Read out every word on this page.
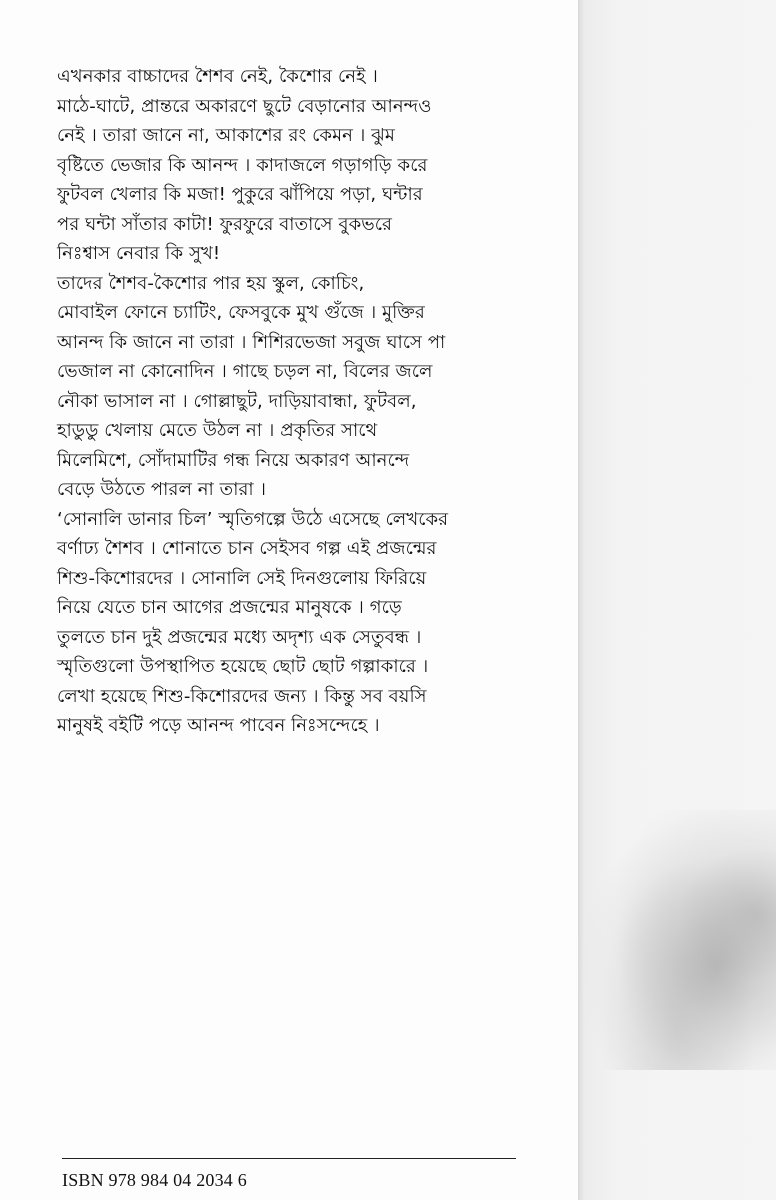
এখনকার বাচ্চাদের শৈশব নেই, কৈশোর নেই ।
মাঠে-ঘাটে, প্রান্তরে অকারণে ছুটে বেড়ানোর আনন্দও
নেই । তারা জানে না, আকাশের রং কেমন । ঝুম
বৃষ্টিতে ভেজার কি আনন্দ । কাদাজলে গড়াগড়ি করে
ফুটবল খেলার কি মজা! পুকুরে ঝাঁপিয়ে পড়া, ঘন্টার
পর ঘন্টা সাঁতার কাটা! ফুরফুরে বাতাসে বুকভরে
নিঃশ্বাস নেবার কি সুখ!
তাদের শৈশব-কৈশোর পার হয় স্কুল, কোচিং,
মোবাইল ফোনে চ্যাটিং, ফেসবুকে মুখ গুঁজে । মুক্তির
আনন্দ কি জানে না তারা । শিশিরভেজা সবুজ ঘাসে পা
ভেজাল না কোনোদিন । গাছে চড়ল না, বিলের জলে
নৌকা ভাসাল না । গোল্লাছুট, দাড়িয়াবান্ধা, ফুটবল,
হাডুডু খেলায় মেতে উঠল না । প্রকৃতির সাথে
মিলেমিশে, সোঁদামাটির গন্ধ নিয়ে অকারণ আনন্দে
বেড়ে উঠতে পারল না তারা ।
‘সোনালি ডানার চিল’ স্মৃতিগল্পে উঠে এসেছে লেখকের
বর্ণাঢ্য শৈশব । শোনাতে চান সেইসব গল্প এই প্রজন্মের
শিশু-কিশোরদের । সোনালি সেই দিনগুলোয় ফিরিয়ে
নিয়ে যেতে চান আগের প্রজন্মের মানুষকে । গড়ে
তুলতে চান দুই প্রজন্মের মধ্যে অদৃশ্য এক সেতুবন্ধ ।
স্মৃতিগুলো উপস্থাপিত হয়েছে ছোট ছোট গল্পাকারে ।
লেখা হয়েছে শিশু-কিশোরদের জন্য । কিন্তু সব বয়সি
মানুষই বইটি পড়ে আনন্দ পাবেন নিঃসন্দেহে ।
ISBN 978 984 04 2034 6
